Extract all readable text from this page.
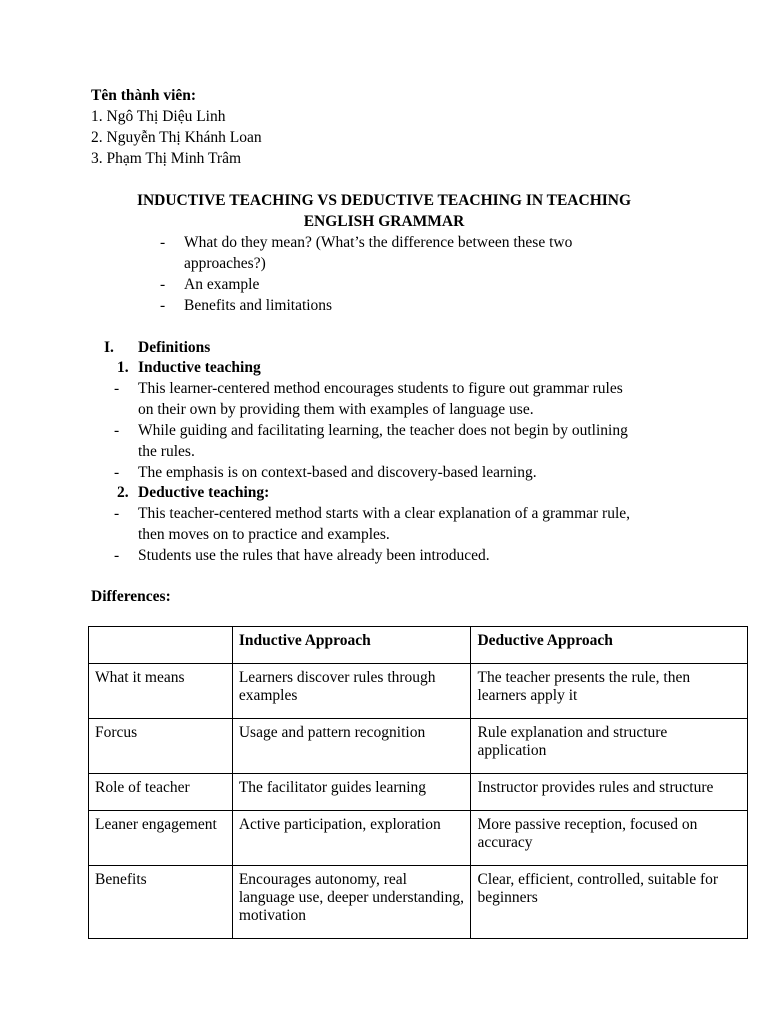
Tên thành viên:
1. Ngô Thị Diệu Linh
2. Nguyễn Thị Khánh Loan
3. Phạm Thị Minh Trâm
INDUCTIVE TEACHING VS DEDUCTIVE TEACHING IN TEACHING
ENGLISH GRAMMAR
- What do they mean? (What’s the difference between these two
approaches?)
- An example
- Benefits and limitations
I. Definitions
1. Inductive teaching
- This learner-centered method encourages students to figure out grammar rules
on their own by providing them with examples of language use.
- While guiding and facilitating learning, the teacher does not begin by outlining
the rules.
- The emphasis is on context-based and discovery-based learning.
2. Deductive teaching:
- This teacher-centered method starts with a clear explanation of a grammar rule,
then moves on to practice and examples.
- Students use the rules that have already been introduced.
Differences:
	Inductive Approach	Deductive Approach
What it means	Learners discover rules through examples	The teacher presents the rule, then learners apply it
Forcus	Usage and pattern recognition	Rule explanation and structure
application
Role of teacher	The facilitator guides learning	Instructor provides rules and structure
Leaner engagement	Active participation, exploration	More passive reception, focused on accuracy
Benefits	Encourages autonomy, real language use, deeper understanding, motivation	Clear, efficient, controlled, suitable for beginners
